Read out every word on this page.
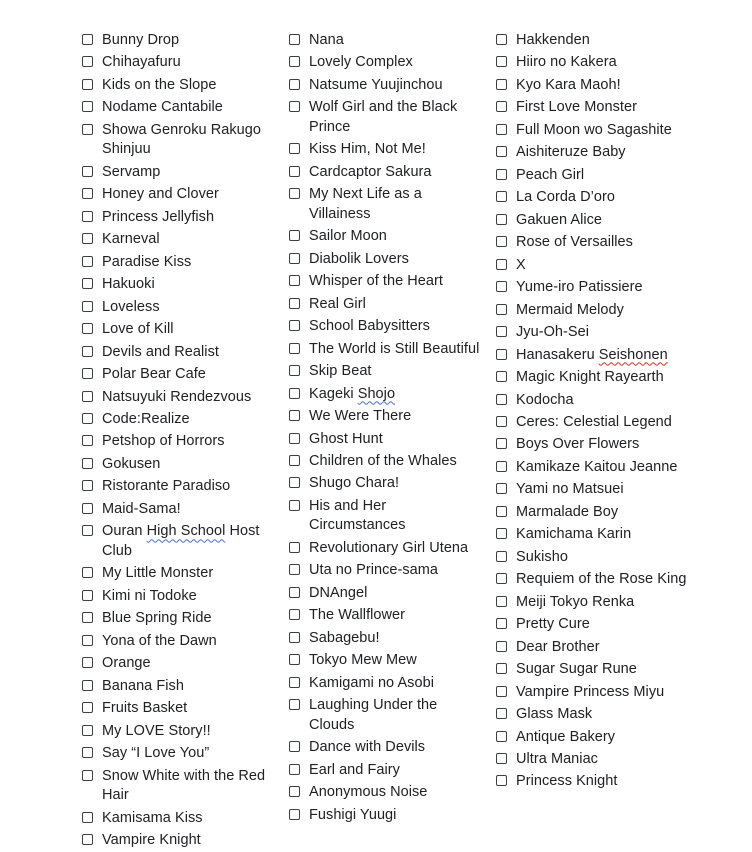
Bunny Drop
Chihayafuru
Kids on the Slope
Nodame Cantabile
Showa Genroku Rakugo Shinjuu
Servamp
Honey and Clover
Princess Jellyfish
Karneval
Paradise Kiss
Hakuoki
Loveless
Love of Kill
Devils and Realist
Polar Bear Cafe
Natsuyuki Rendezvous
Code:Realize
Petshop of Horrors
Gokusen
Ristorante Paradiso
Maid-Sama!
Ouran High School Host Club
My Little Monster
Kimi ni Todoke
Blue Spring Ride
Yona of the Dawn
Orange
Banana Fish
Fruits Basket
My LOVE Story!!
Say “I Love You”
Snow White with the Red Hair
Kamisama Kiss
Vampire Knight
Nana
Lovely Complex
Natsume Yuujinchou
Wolf Girl and the Black Prince
Kiss Him, Not Me!
Cardcaptor Sakura
My Next Life as a Villainess
Sailor Moon
Diabolik Lovers
Whisper of the Heart
Real Girl
School Babysitters
The World is Still Beautiful
Skip Beat
Kageki Shojo
We Were There
Ghost Hunt
Children of the Whales
Shugo Chara!
His and Her Circumstances
Revolutionary Girl Utena
Uta no Prince-sama
DNAngel
The Wallflower
Sabagebu!
Tokyo Mew Mew
Kamigami no Asobi
Laughing Under the Clouds
Dance with Devils
Earl and Fairy
Anonymous Noise
Fushigi Yuugi
Hakkenden
Hiiro no Kakera
Kyo Kara Maoh!
First Love Monster
Full Moon wo Sagashite
Aishiteruze Baby
Peach Girl
La Corda D’oro
Gakuen Alice
Rose of Versailles
X
Yume-iro Patissiere
Mermaid Melody
Jyu-Oh-Sei
Hanasakeru Seishonen
Magic Knight Rayearth
Kodocha
Ceres: Celestial Legend
Boys Over Flowers
Kamikaze Kaitou Jeanne
Yami no Matsuei
Marmalade Boy
Kamichama Karin
Sukisho
Requiem of the Rose King
Meiji Tokyo Renka
Pretty Cure
Dear Brother
Sugar Sugar Rune
Vampire Princess Miyu
Glass Mask
Antique Bakery
Ultra Maniac
Princess Knight
